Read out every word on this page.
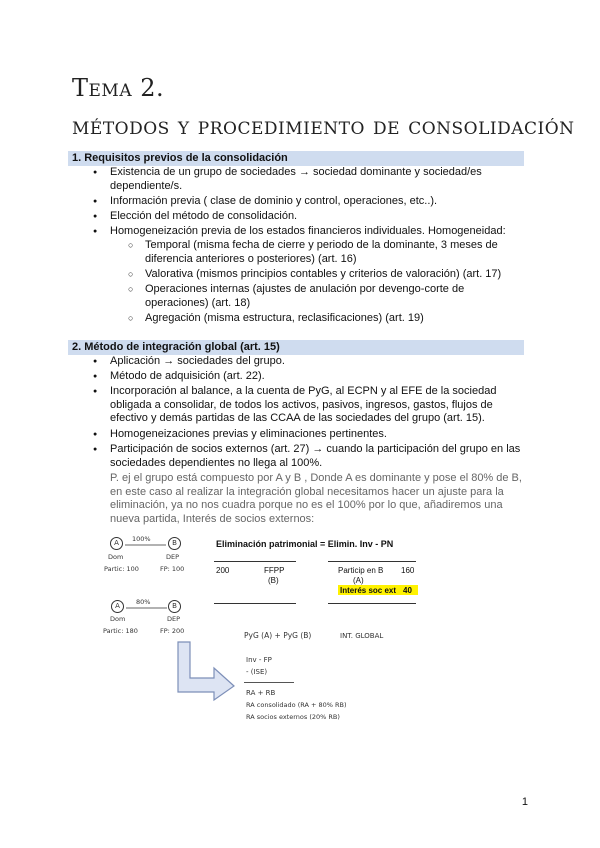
Tema 2.
métodos y procedimiento de consolidación
1. Requisitos previos de la consolidación
● Existencia de un grupo de sociedades → sociedad dominante y sociedad/es dependiente/s.
● Información previa ( clase de dominio y control, operaciones, etc..).
● Elección del método de consolidación.
● Homogeneización previa de los estados financieros individuales. Homogeneidad:
○ Temporal (misma fecha de cierre y periodo de la dominante, 3 meses de diferencia anteriores o posteriores) (art. 16)
○ Valorativa (mismos principios contables y criterios de valoración) (art. 17)
○ Operaciones internas (ajustes de anulación por devengo-corte de operaciones) (art. 18)
○ Agregación (misma estructura, reclasificaciones) (art. 19)
2. Método de integración global (art. 15)
● Aplicación → sociedades del grupo.
● Método de adquisición (art. 22).
● Incorporación al balance, a la cuenta de PyG, al ECPN y al EFE de la sociedad obligada a consolidar, de todos los activos, pasivos, ingresos, gastos, flujos de efectivo y demás partidas de las CCAA de las sociedades del grupo (art. 15).
● Homogeneizaciones previas y eliminaciones pertinentes.
● Participación de socios externos (art. 27) → cuando la participación del grupo en las sociedades dependientes no llega al 100%.
P. ej el grupo está compuesto por A y B , Donde A es dominante y pose el 80% de B, en este caso al realizar la integración global necesitamos hacer un ajuste para la eliminación, ya no nos cuadra porque no es el 100% por lo que, añadiremos una nueva partida, Interés de socios externos:
A	B
100%
Dom	DEP
Partic: 100	FP: 100
A	B
80%
Dom	DEP
Partic: 180	FP: 200
Eliminación patrimonial = Elimin. Inv - PN
200	FFPP
(B)
Particip en B
(A)
160
Interés soc ext 40
PyG (A) + PyG (B)	INT. GLOBAL
Inv - FP
- (ISE)
RA + RB
RA consolidado (RA + 80% RB)
RA socios externos (20% RB)
1
